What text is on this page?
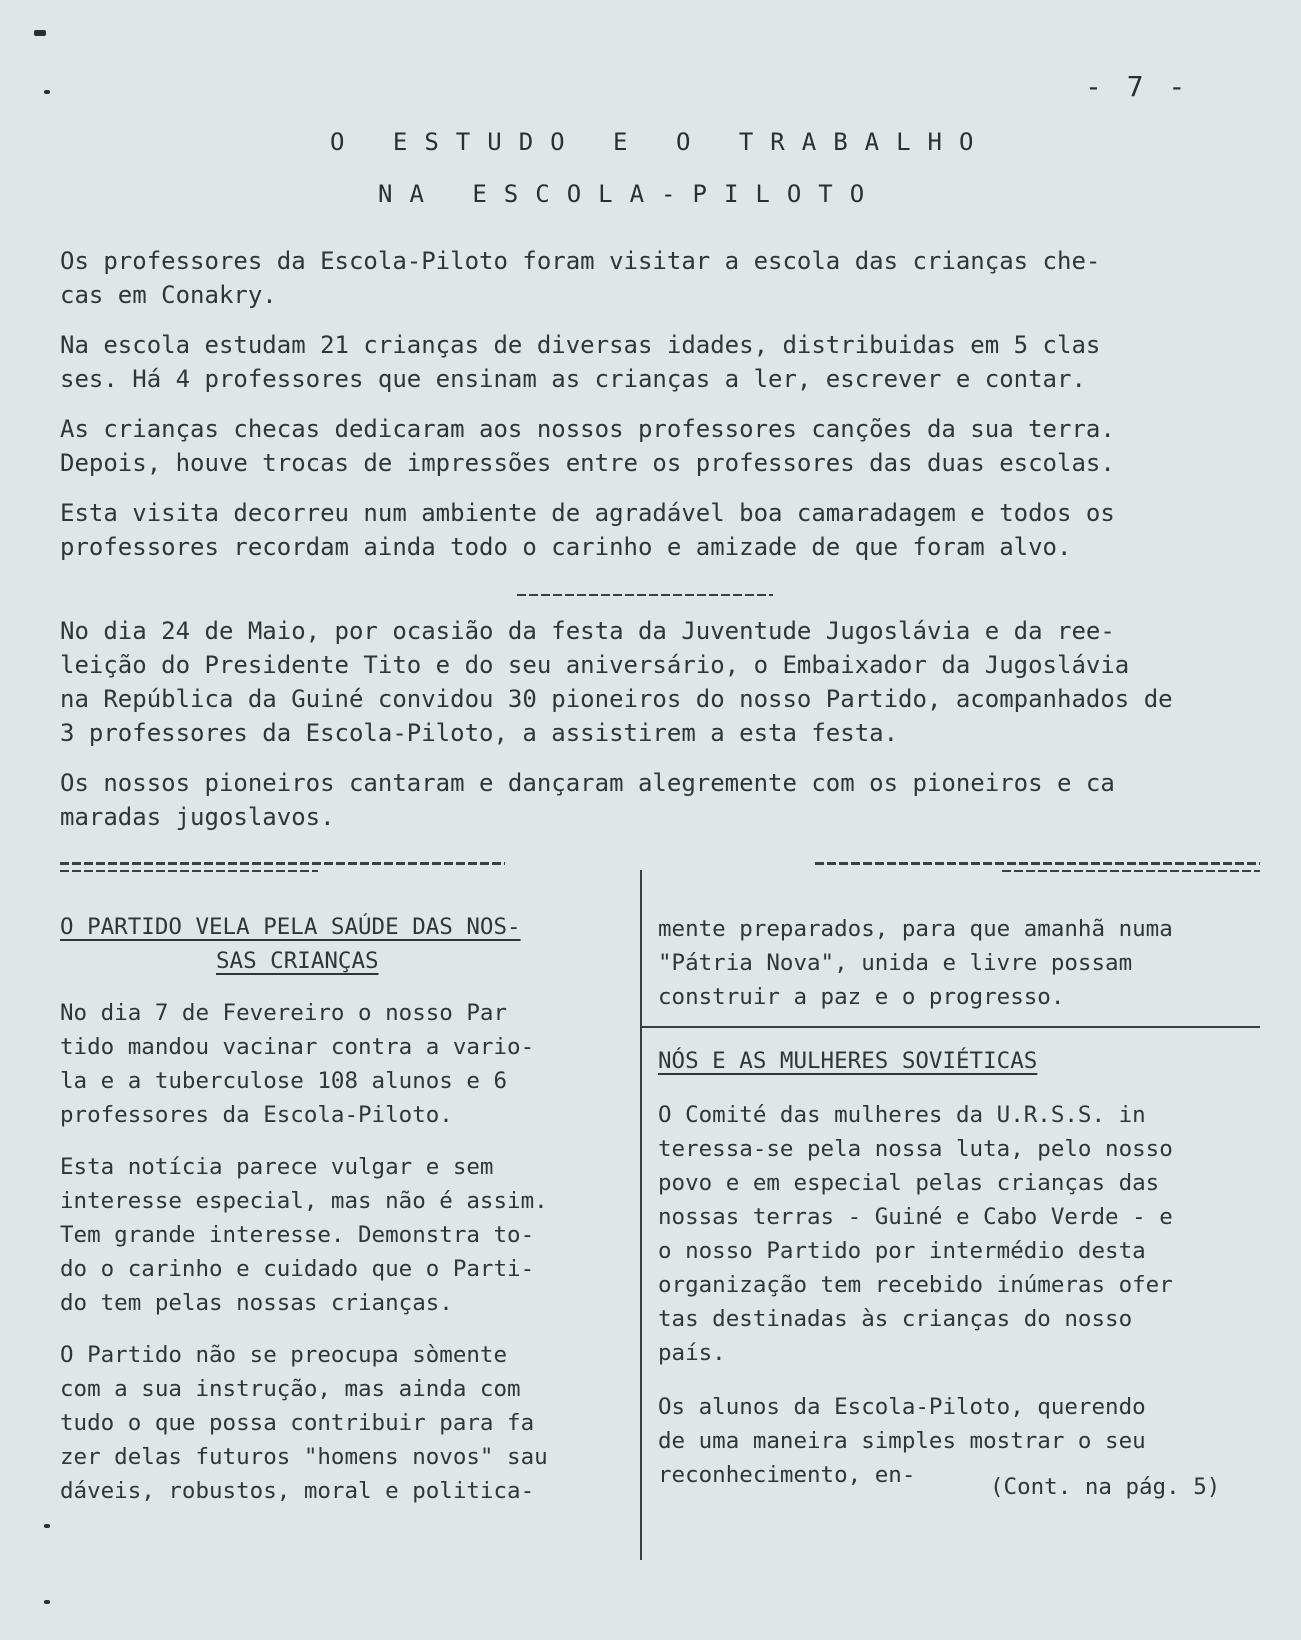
- 7 -
O ESTUDO E O TRABALHO
NA ESCOLA-PILOTO
Os professores da Escola-Piloto foram visitar a escola das crianças che-
cas em Conakry.
Na escola estudam 21 crianças de diversas idades, distribuidas em 5 clas
ses. Há 4 professores que ensinam as crianças a ler, escrever e contar.
As crianças checas dedicaram aos nossos professores canções da sua terra.
Depois, houve trocas de impressões entre os professores das duas escolas.
Esta visita decorreu num ambiente de agradável boa camaradagem e todos os
professores recordam ainda todo o carinho e amizade de que foram alvo.
No dia 24 de Maio, por ocasião da festa da Juventude Jugoslávia e da ree-
leição do Presidente Tito e do seu aniversário, o Embaixador da Jugoslávia
na República da Guiné convidou 30 pioneiros do nosso Partido, acompanhados de
3 professores da Escola-Piloto, a assistirem a esta festa.
Os nossos pioneiros cantaram e dançaram alegremente com os pioneiros e ca
maradas jugoslavos.
O PARTIDO VELA PELA SAÚDE DAS NOS-
SAS CRIANÇAS
No dia 7 de Fevereiro o nosso Par
tido mandou vacinar contra a vario-
la e a tuberculose 108 alunos e 6
professores da Escola-Piloto.
Esta notícia parece vulgar e sem
interesse especial, mas não é assim.
Tem grande interesse. Demonstra to-
do o carinho e cuidado que o Parti-
do tem pelas nossas crianças.
O Partido não se preocupa sòmente
com a sua instrução, mas ainda com
tudo o que possa contribuir para fa
zer delas futuros "homens novos" sau
dáveis, robustos, moral e politica-
mente preparados, para que amanhã numa
"Pátria Nova", unida e livre possam
construir a paz e o progresso.
NÓS E AS MULHERES SOVIÉTICAS
O Comité das mulheres da U.R.S.S. in
teressa-se pela nossa luta, pelo nosso
povo e em especial pelas crianças das
nossas terras - Guiné e Cabo Verde - e
o nosso Partido por intermédio desta
organização tem recebido inúmeras ofer
tas destinadas às crianças do nosso
país.
Os alunos da Escola-Piloto, querendo
de uma maneira simples mostrar o seu
reconhecimento, en-	(Cont. na pág. 5)
